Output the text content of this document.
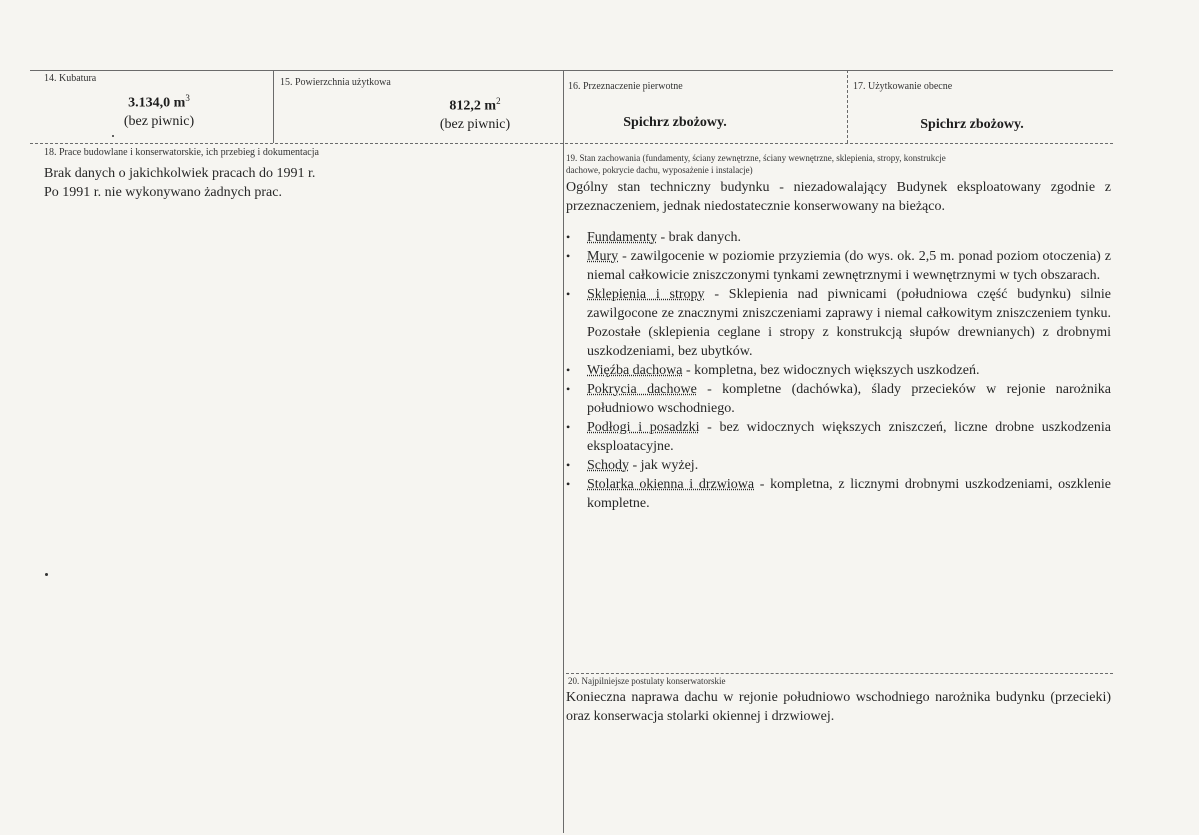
14. Kubatura
3.134,0 $m^3$
(bez piwnic)
15. Powierzchnia użytkowa
812,2 $m^2$
(bez piwnic)
16. Przeznaczenie pierwotne
Spichrz zbożowy.
17. Użytkowanie obecne
Spichrz zbożowy.
18. Prace budowlane i konserwatorskie, ich przebieg i dokumentacja

Brak danych o jakichkolwiek pracach do 1991 r.

Po 1991 r. nie wykonywano żadnych prac.

19. Stan zachowania (fundamenty, ściany zewnętrzne, ściany wewnętrzne, sklepienia, stropy, konstrukcje
dachowe, pokrycie dachu, wyposażenie i instalacje)

Ogólny stan techniczny budynku - niezadowalający Budynek eksploatowany zgodnie z przeznaczeniem, jednak niedostatecznie konserwowany na bieżąco.

• Fundamenty - brak danych.
• Mury - zawilgocenie w poziomie przyziemia (do wys. ok. 2,5 m. ponad poziom otoczenia) z niemal całkowicie zniszczonymi tynkami zewnętrznymi i wewnętrznymi w tych obszarach.
• Sklepienia i stropy - Sklepienia nad piwnicami (południowa część budynku) silnie zawilgocone ze znacznymi zniszczeniami zaprawy i niemal całkowitym zniszczeniem tynku. Pozostałe (sklepienia ceglane i stropy z konstrukcją słupów drewnianych) z drobnymi uszkodzeniami, bez ubytków.
• Więźba dachowa - kompletna, bez widocznych większych uszkodzeń.
• Pokrycia dachowe - kompletne (dachówka), ślady przecieków w rejonie narożnika południowo wschodniego.
• Podłogi i posadzki - bez widocznych większych zniszczeń, liczne drobne uszkodzenia eksploatacyjne.
• Schody - jak wyżej.
• Stolarka okienna i drzwiowa - kompletna, z licznymi drobnymi uszkodzeniami, oszklenie kompletne.
20. Najpilniejsze postulaty konserwatorskie
Konieczna naprawa dachu w rejonie południowo wschodniego narożnika budynku (przecieki) oraz konserwacja stolarki okiennej i drzwiowej.
